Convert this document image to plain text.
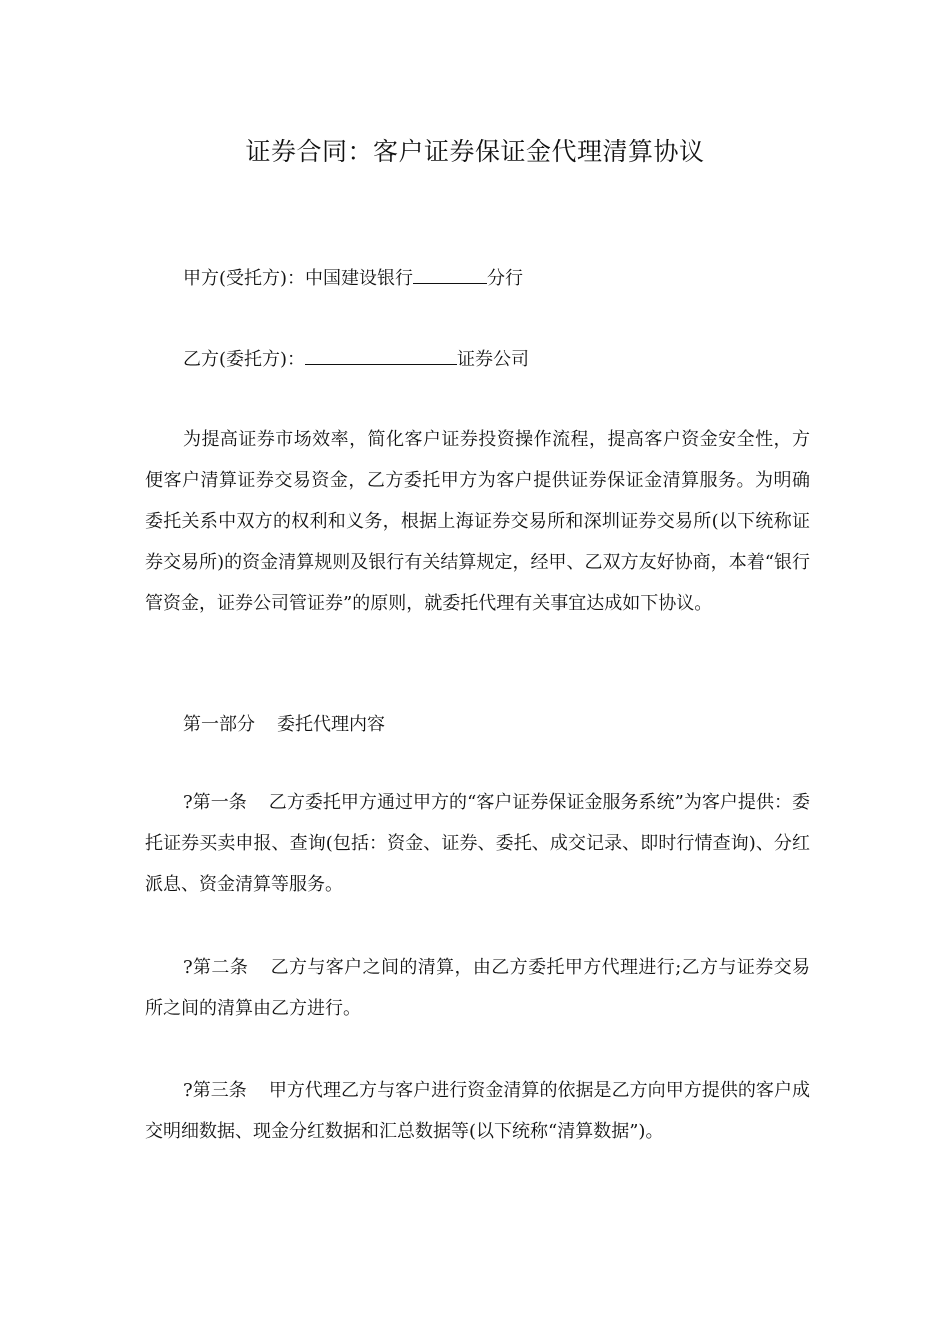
证券合同：客户证券保证金代理清算协议
甲方(受托方)：中国建设银行	分行
乙方(委托方)：	证券公司

为提高证券市场效率，简化客户证券投资操作流程，提高客户资金安全性，方便客户清算证券交易资金，乙方委托甲方为客户提供证券保证金清算服务。为明确委托关系中双方的权利和义务，根据上海证券交易所和深圳证券交易所(以下统称证券交易所)的资金清算规则及银行有关结算规定，经甲、乙双方友好协商，本着“银行管资金，证券公司管证券”的原则，就委托代理有关事宜达成如下协议。

第一部分 委托代理内容

?第一条 乙方委托甲方通过甲方的“客户证券保证金服务系统”为客户提供：委托证券买卖申报、查询(包括：资金、证券、委托、成交记录、即时行情查询)、分红派息、资金清算等服务。

?第二条 乙方与客户之间的清算，由乙方委托甲方代理进行;乙方与证券交易所之间的清算由乙方进行。

?第三条 甲方代理乙方与客户进行资金清算的依据是乙方向甲方提供的客户成交明细数据、现金分红数据和汇总数据等(以下统称“清算数据”)。
